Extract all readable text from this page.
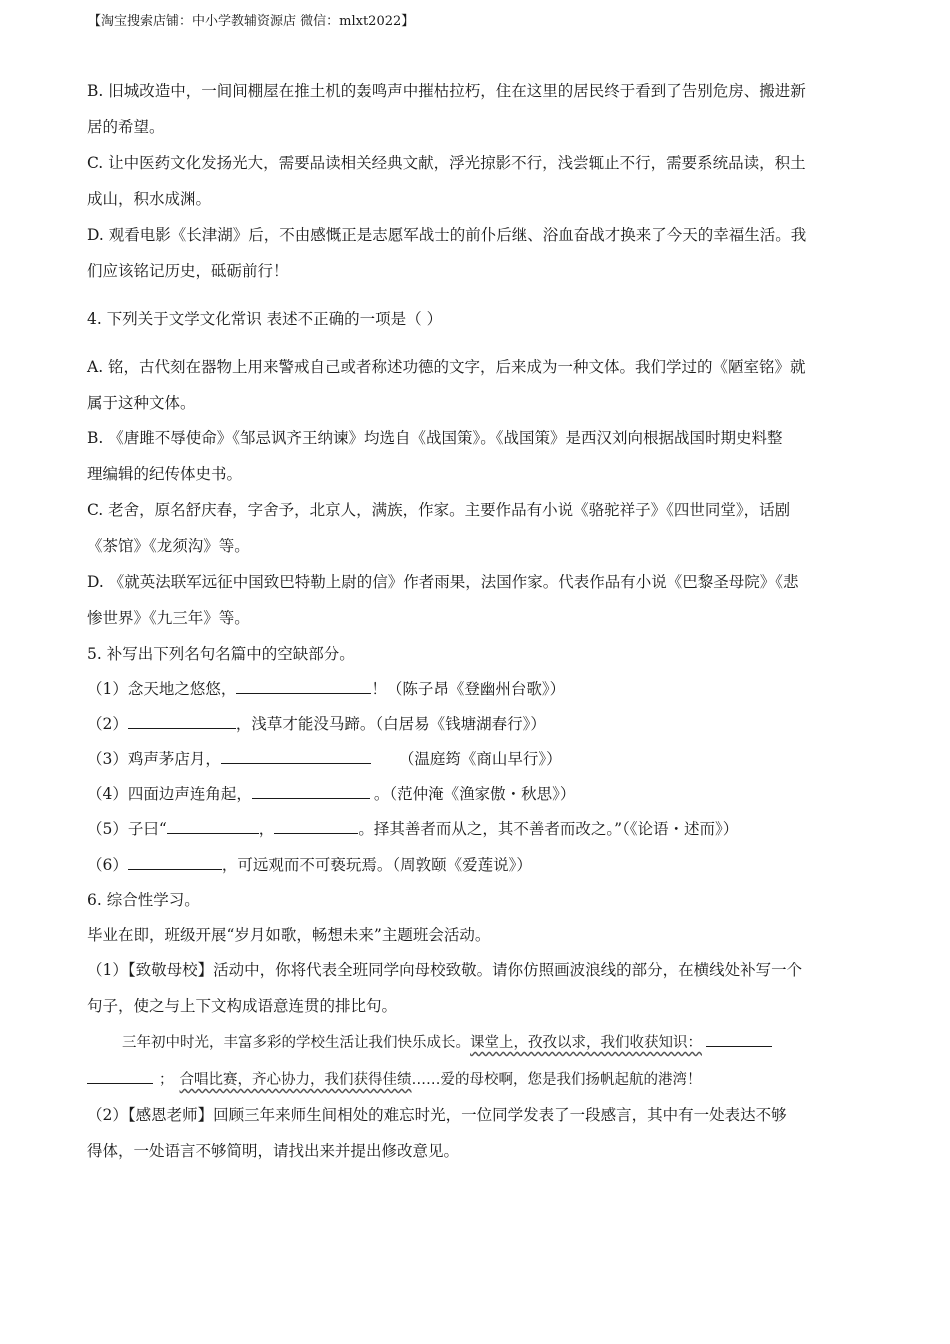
【淘宝搜索店铺：中小学教辅资源店 微信：mlxt2022】
B. 旧城改造中，一间间棚屋在推土机的轰鸣声中摧枯拉朽，住在这里的居民终于看到了告别危房、搬进新
居的希望。
C. 让中医药文化发扬光大，需要品读相关经典文献，浮光掠影不行，浅尝辄止不行，需要系统品读，积土
成山，积水成渊。
D. 观看电影《长津湖》后，不由感慨正是志愿军战士的前仆后继、浴血奋战才换来了今天的幸福生活。我
们应该铭记历史，砥砺前行！
4. 下列关于文学文化常识 表述不正确的一项是（ ）
A. 铭，古代刻在器物上用来警戒自己或者称述功德的文字，后来成为一种文体。我们学过的《陋室铭》就
属于这种文体。
B. 《唐雎不辱使命》《邹忌讽齐王纳谏》均选自《战国策》。《战国策》是西汉刘向根据战国时期史料整
理编辑的纪传体史书。
C. 老舍，原名舒庆春，字舍予，北京人，满族，作家。主要作品有小说《骆驼祥子》《四世同堂》，话剧
《茶馆》《龙须沟》等。
D. 《就英法联军远征中国致巴特勒上尉的信》作者雨果，法国作家。代表作品有小说《巴黎圣母院》《悲
惨世界》《九三年》等。
5. 补写出下列名句名篇中的空缺部分。
（1）念天地之悠悠，	！（陈子昂《登幽州台歌》）
（2）	，浅草才能没马蹄。（白居易《钱塘湖春行》）
（3）鸡声茅店月，	（温庭筠《商山早行》）
（4）四面边声连角起，	。（范仲淹《渔家傲・秋思》）
（5）子曰“	，	。择其善者而从之，其不善者而改之。”（《论语・述而》）
（6）	，可远观而不可亵玩焉。（周敦颐《爱莲说》）
6. 综合性学习。
毕业在即，班级开展“岁月如歌，畅想未来”主题班会活动。
（1）【致敬母校】活动中，你将代表全班同学向母校致敬。请你仿照画波浪线的部分，在横线处补写一个
句子，使之与上下文构成语意连贯的排比句。
三年初中时光，丰富多彩的学校生活让我们快乐成长。课堂上，孜孜以求，我们收获知识：
； 合唱比赛，齐心协力，我们获得佳绩……爱的母校啊，您是我们扬帆起航的港湾！
（2）【感恩老师】回顾三年来师生间相处的难忘时光，一位同学发表了一段感言，其中有一处表达不够
得体，一处语言不够简明，请找出来并提出修改意见。
